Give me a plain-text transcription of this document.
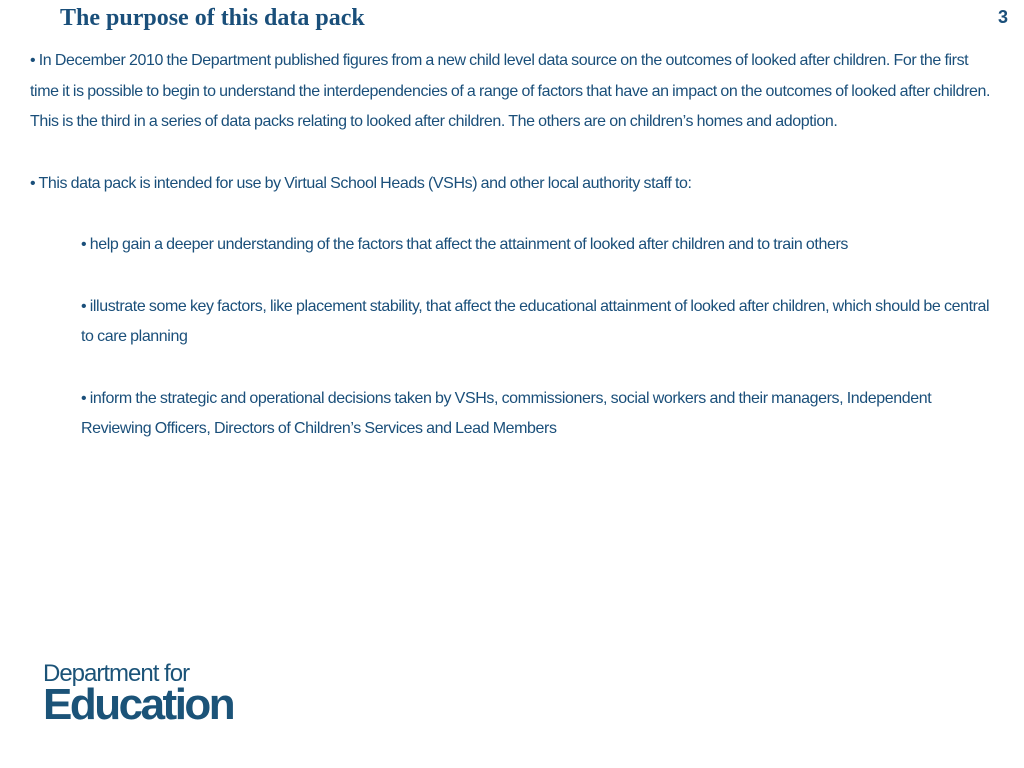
The purpose of this data pack	3

• In December 2010 the Department published figures from a new child level data source on the outcomes of looked after children. For the first time it is possible to begin to understand the interdependencies of a range of factors that have an impact on the outcomes of looked after children. This is the third in a series of data packs relating to looked after children. The others are on children’s homes and adoption.

• This data pack is intended for use by Virtual School Heads (VSHs) and other local authority staff to:

• help gain a deeper understanding of the factors that affect the attainment of looked after children and to train others

• illustrate some key factors, like placement stability, that affect the educational attainment of looked after children, which should be central to care planning

• inform the strategic and operational decisions taken by VSHs, commissioners, social workers and their managers, Independent Reviewing Officers, Directors of Children’s Services and Lead Members

Department for
Education
